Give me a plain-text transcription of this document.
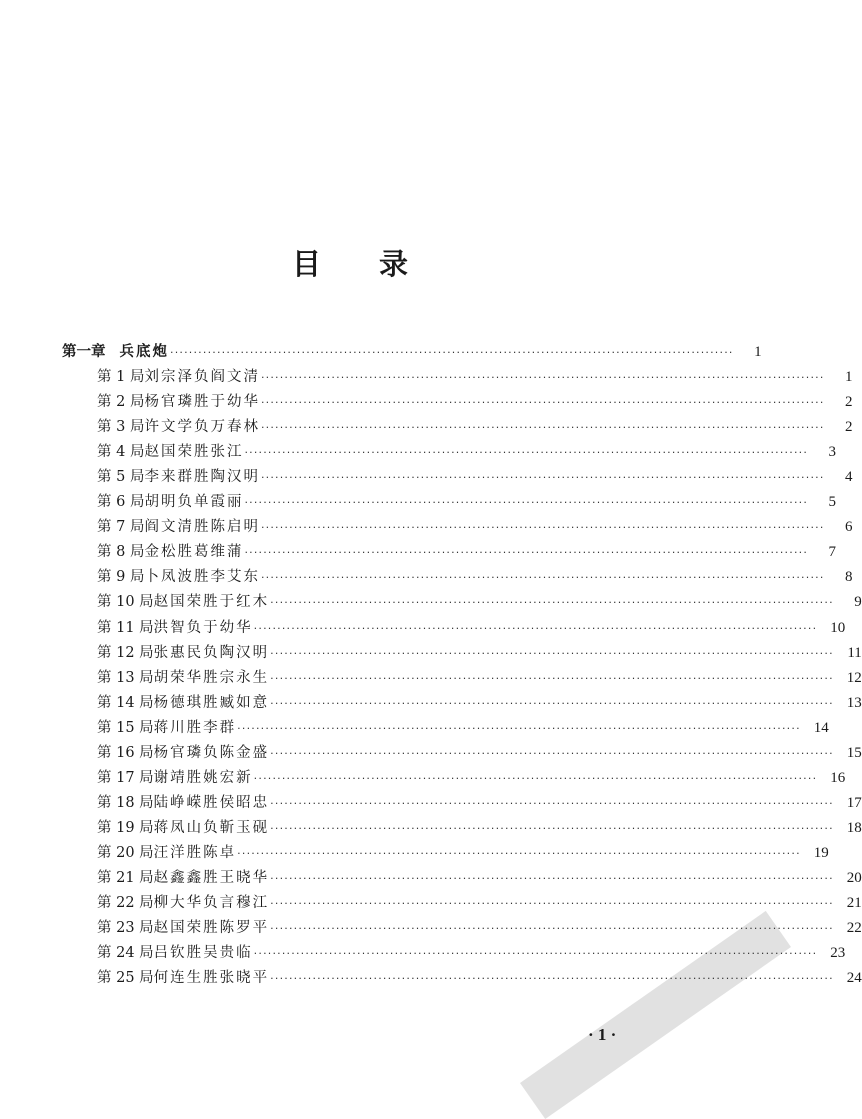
目 录
第一章 兵底炮 ························································································································	1
第 1 局 刘宗泽负阎文清 ························································································································	1
第 2 局 杨官璘胜于幼华 ························································································································	2
第 3 局 许文学负万春林 ························································································································	2
第 4 局 赵国荣胜张江 ························································································································	3
第 5 局 李来群胜陶汉明 ························································································································	4
第 6 局 胡明负单霞丽 ························································································································	5
第 7 局 阎文清胜陈启明 ························································································································	6
第 8 局 金松胜葛维蒲 ························································································································	7
第 9 局 卜凤波胜李艾东 ························································································································	8
第 10 局 赵国荣胜于红木 ························································································································	9
第 11 局 洪智负于幼华 ························································································································ 10
第 12 局 张惠民负陶汉明 ························································································································ 11
第 13 局 胡荣华胜宗永生 ························································································································ 12
第 14 局 杨德琪胜臧如意 ························································································································ 13
第 15 局 蒋川胜李群 ························································································································ 14
第 16 局 杨官璘负陈金盛 ························································································································ 15
第 17 局 谢靖胜姚宏新 ························································································································ 16
第 18 局 陆峥嵘胜侯昭忠 ························································································································ 17
第 19 局 蒋凤山负靳玉砚 ························································································································ 18
第 20 局 汪洋胜陈卓 ························································································································ 19
第 21 局 赵鑫鑫胜王晓华 ························································································································ 20
第 22 局 柳大华负言穆江 ························································································································ 21
第 23 局 赵国荣胜陈罗平 ························································································································ 22
第 24 局 吕钦胜吴贵临 ························································································································ 23
第 25 局 何连生胜张晓平 ························································································································ 24
· 1 ·
